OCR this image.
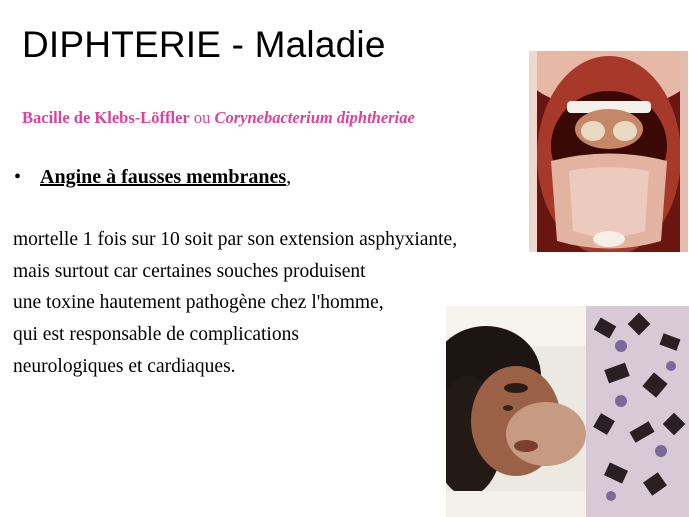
DIPHTERIE - Maladie
Bacille de Klebs-Löffler ou Corynebacterium diphtheriae
• Angine à fausses membranes,
mortelle 1 fois sur 10 soit par son extension asphyxiante,
mais surtout car certaines souches produisent
une toxine hautement pathogène chez l'homme,
qui est responsable de complications
neurologiques et cardiaques.
